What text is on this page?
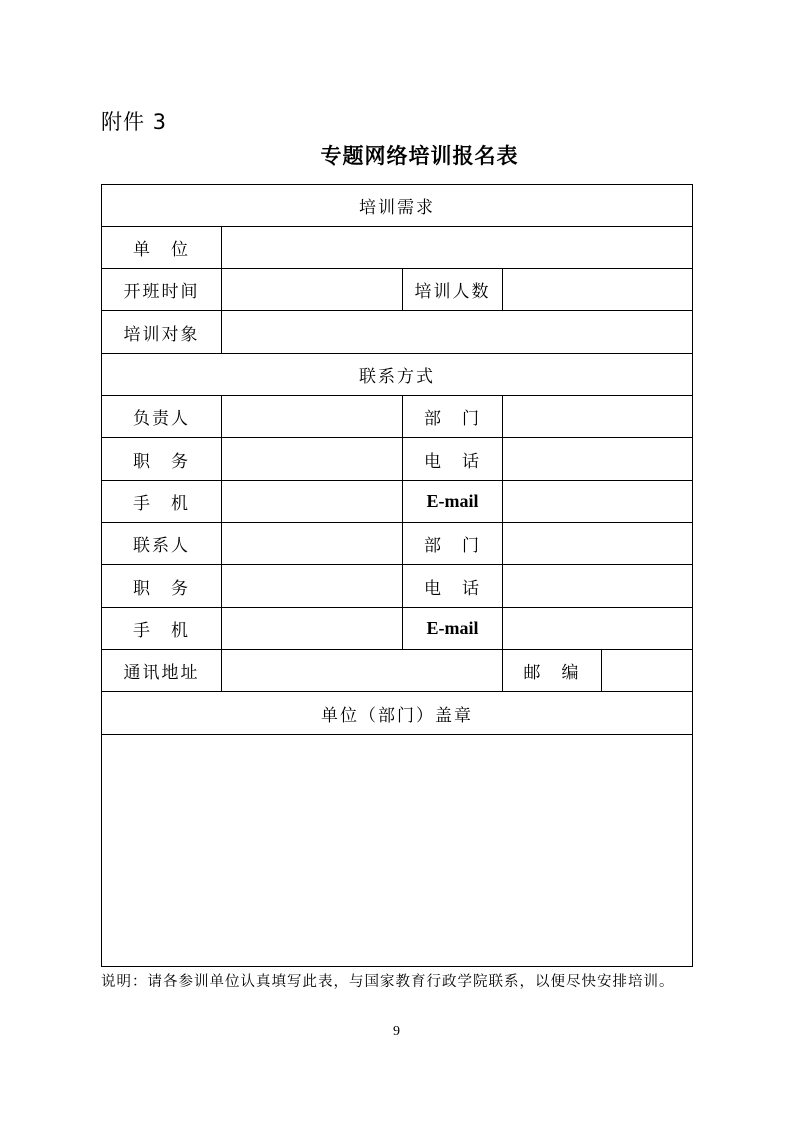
附件 3
专题网络培训报名表
培训需求
单　位
开班时间	培训人数
培训对象
联系方式
负责人	部　门
职　务	电　话
手　机	E-mail
联系人	部　门
职　务	电　话
手　机	E-mail
通讯地址	邮　编
单位（部门）盖章
说明：请各参训单位认真填写此表，与国家教育行政学院联系，以便尽快安排培训。
9
